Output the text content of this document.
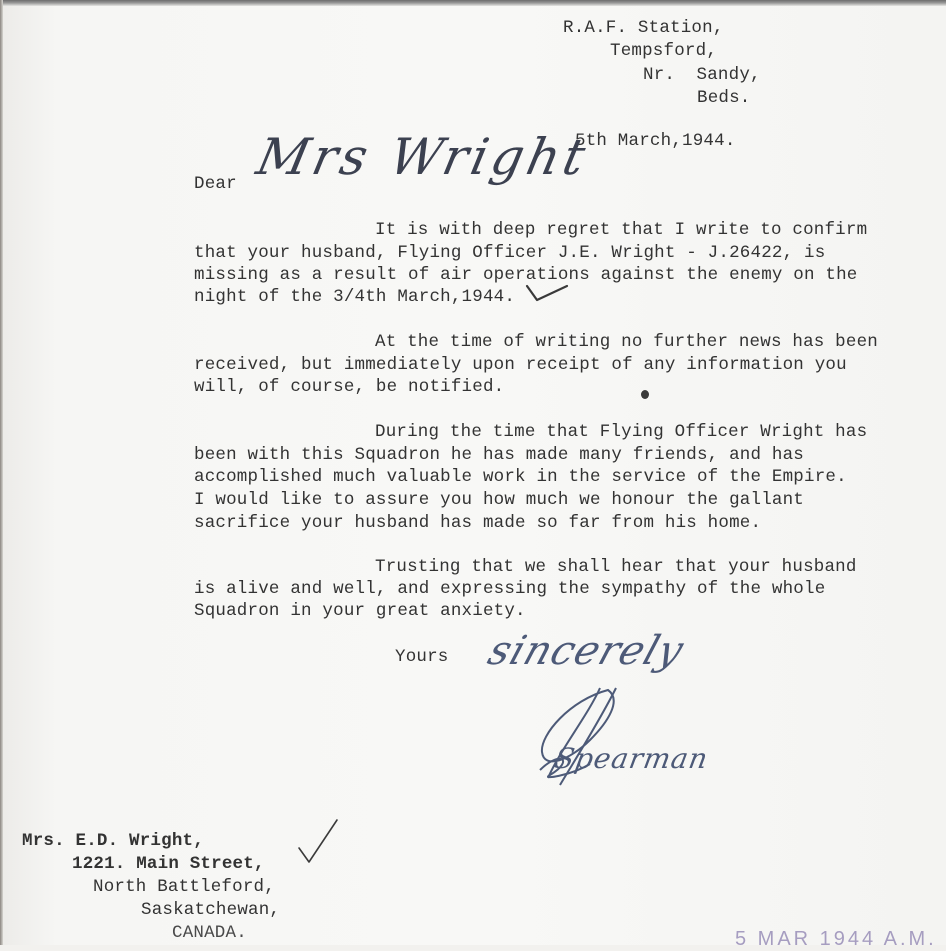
R.A.F. Station,
Tempsford,
Nr.  Sandy,
Beds.
5th March,1944.
Dear Mrs Wright
It is with deep regret that I write to confirm
that your husband, Flying Officer J.E. Wright - J.26422, is
missing as a result of air operations against the enemy on the
night of the 3/4th March,1944.
At the time of writing no further news has been
received, but immediately upon receipt of any information you
will, of course, be notified.
During the time that Flying Officer Wright has
been with this Squadron he has made many friends, and has
accomplished much valuable work in the service of the Empire.
I would like to assure you how much we honour the gallant
sacrifice your husband has made so far from his home.
Trusting that we shall hear that your husband
is alive and well, and expressing the sympathy of the whole
Squadron in your great anxiety.
Yours sincerely
Spearman
Mrs. E.D. Wright,
1221. Main Street,
North Battleford,
Saskatchewan,
CANADA.	5 MAR 1944 A.M.
